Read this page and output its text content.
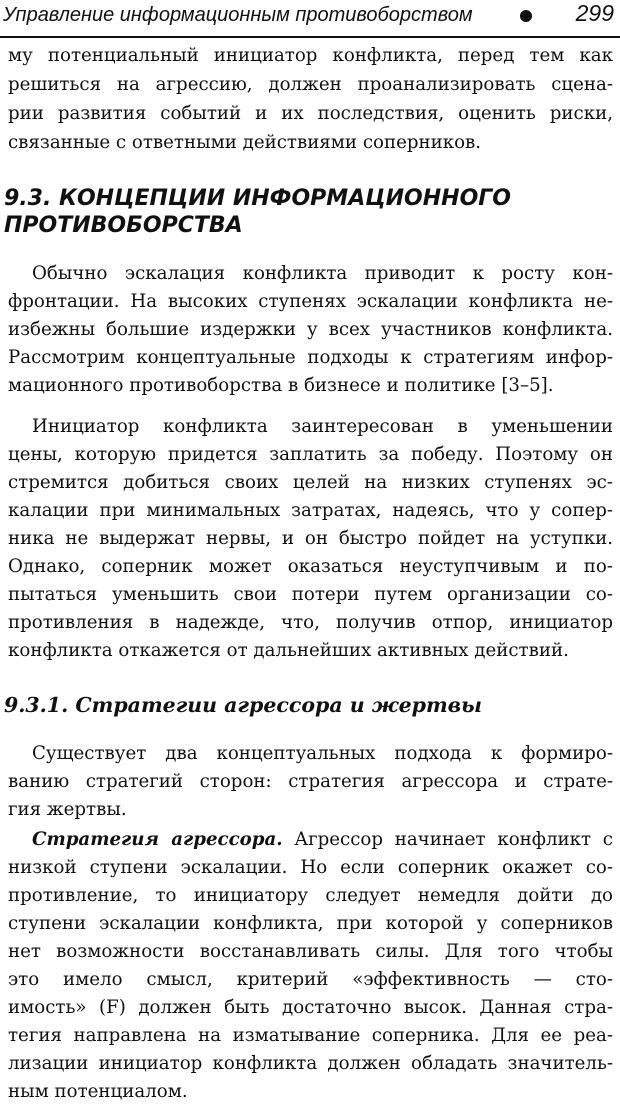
Управление информационным противоборством	299
му потенциальный инициатор конфликта, перед тем как
решиться на агрессию, должен проанализировать сцена-
рии развития событий и их последствия, оценить риски,
связанные с ответными действиями соперников.
9.3. КОНЦЕПЦИИ ИНФОРМАЦИОННОГО
ПРОТИВОБОРСТВА
Обычно эскалация конфликта приводит к росту кон-
фронтации. На высоких ступенях эскалации конфликта не-
избежны большие издержки у всех участников конфликта.
Рассмотрим концептуальные подходы к стратегиям инфор-
мационного противоборства в бизнесе и политике [3–5].
Инициатор конфликта заинтересован в уменьшении
цены, которую придется заплатить за победу. Поэтому он
стремится добиться своих целей на низких ступенях эс-
калации при минимальных затратах, надеясь, что у сопер-
ника не выдержат нервы, и он быстро пойдет на уступки.
Однако, соперник может оказаться неуступчивым и по-
пытаться уменьшить свои потери путем организации со-
противления в надежде, что, получив отпор, инициатор
конфликта откажется от дальнейших активных действий.
9.3.1. Стратегии агрессора и жертвы
Существует два концептуальных подхода к формиро-
ванию стратегий сторон: стратегия агрессора и страте-
гия жертвы.
Стратегия агрессора. Агрессор начинает конфликт с
низкой ступени эскалации. Но если соперник окажет со-
противление, то инициатору следует немедля дойти до
ступени эскалации конфликта, при которой у соперников
нет возможности восстанавливать силы. Для того чтобы
это имело смысл, критерий «эффективность — сто-
имость» (F) должен быть достаточно высок. Данная стра-
тегия направлена на изматывание соперника. Для ее реа-
лизации инициатор конфликта должен обладать значитель-
ным потенциалом.
